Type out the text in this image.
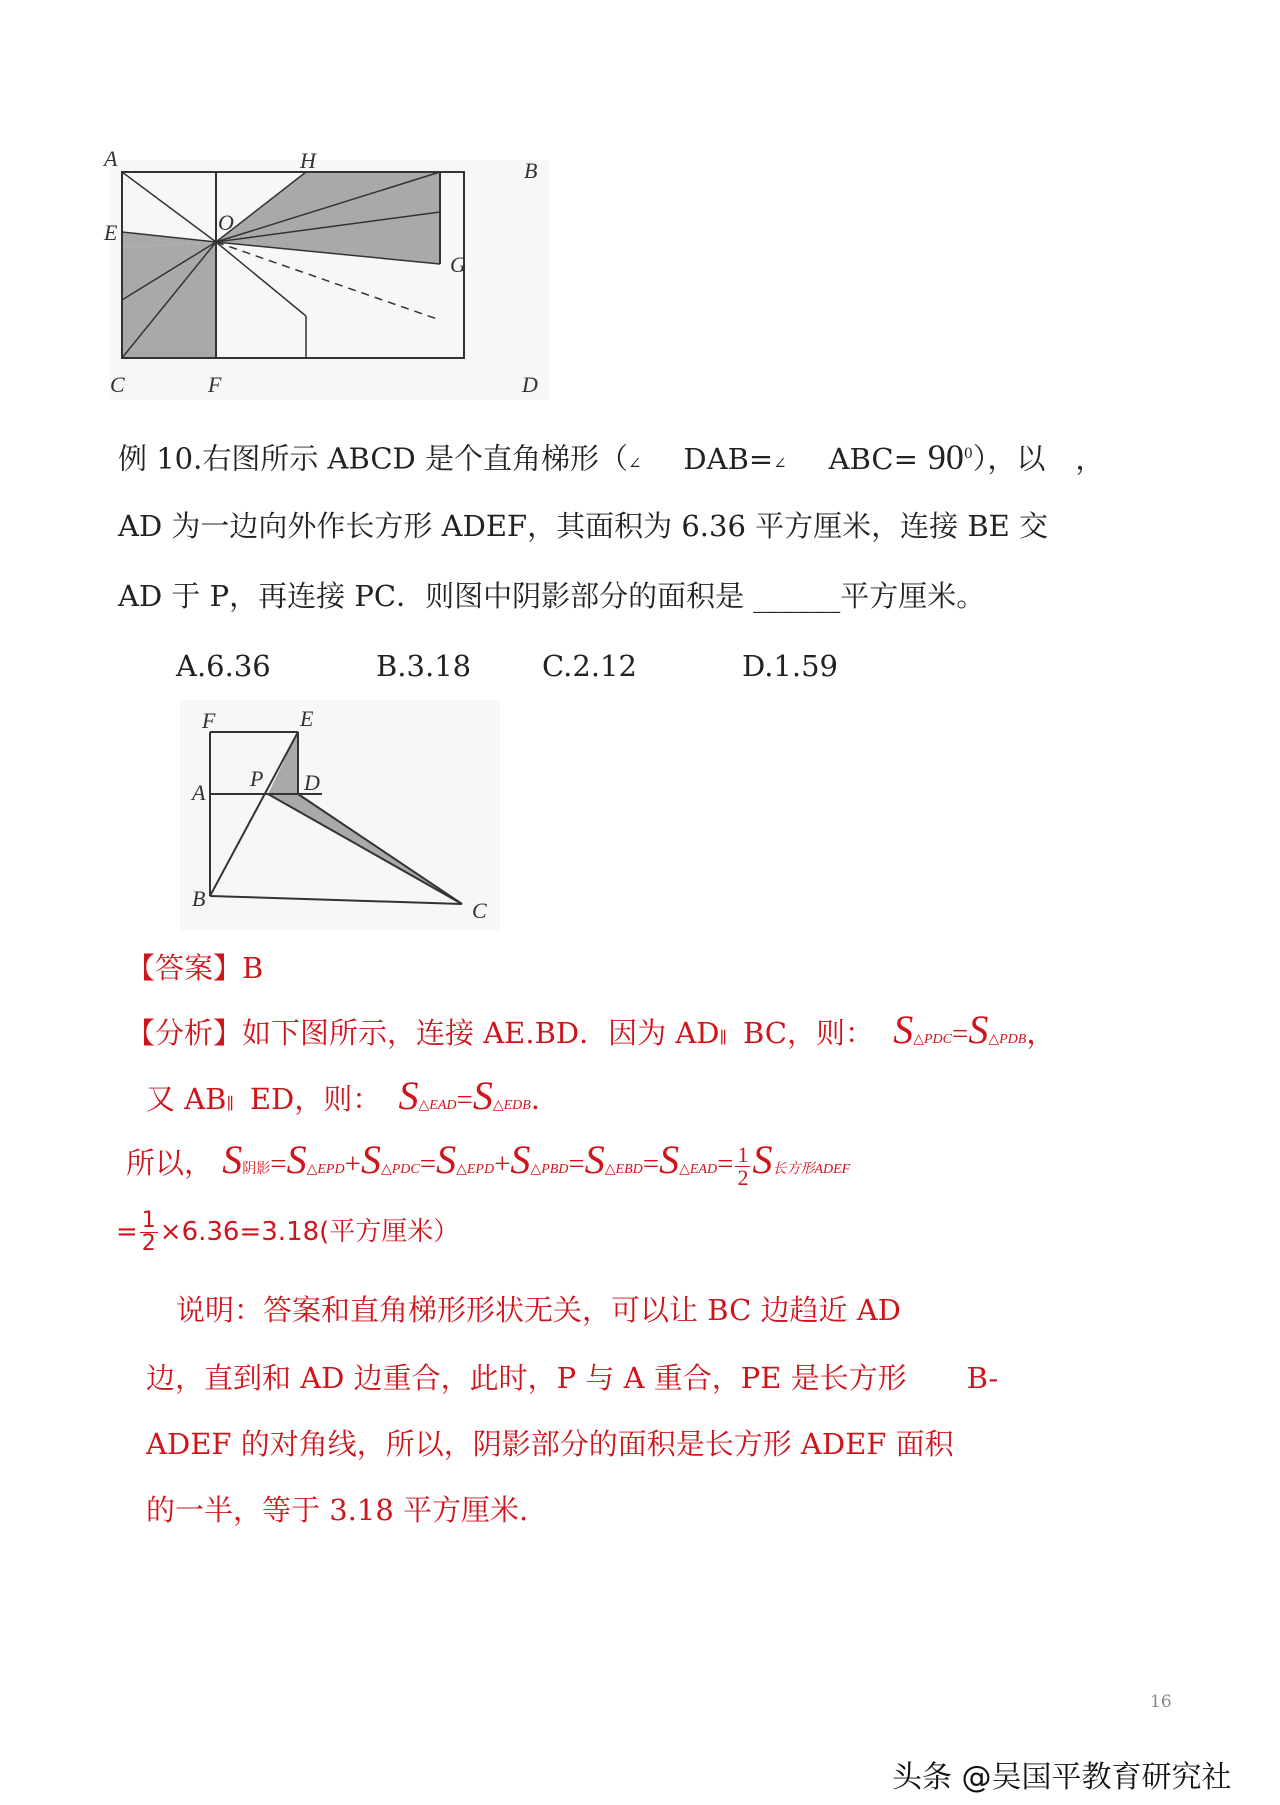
A	H	B
E	O
G
C	F	D
例 10.右图所示 ABCD 是个直角梯形（∠ DAB=∠ $ABC= 90^0$），以 ，
AD 为一边向外作长方形 ADEF，其面积为 6.36 平方厘米，连接 BE 交
AD 于 P，再连接 PC．则图中阴影部分的面积是 ______平方厘米。
A.6.36	B.3.18 C.2.12	D.1.59
F	E
P D
A
B	C
【答案】B
【分析】如下图所示，连接 AE.BD．因为 AD∥ BC，则： S△PDC=S△PDB，
又 AB∥ ED，则： S△EAD=S△EDB．
所以， S阴影=S△EPD+S△PDC=S△EPD+S△PBD=S△EBD=S△EAD= $\frac{1}{2}$ S长方形ADEF
= $\frac{1}{2} \times 6.36=3.18$(平方厘米）
说明：答案和直角梯形形状无关，可以让 BC 边趋近 AD
边，直到和 AD 边重合，此时，P 与 A 重合，PE 是长方形 B-
ADEF 的对角线，所以，阴影部分的面积是长方形 ADEF 面积
的一半，等于 3.18 平方厘米.
16
头条 @吴国平教育研究社
